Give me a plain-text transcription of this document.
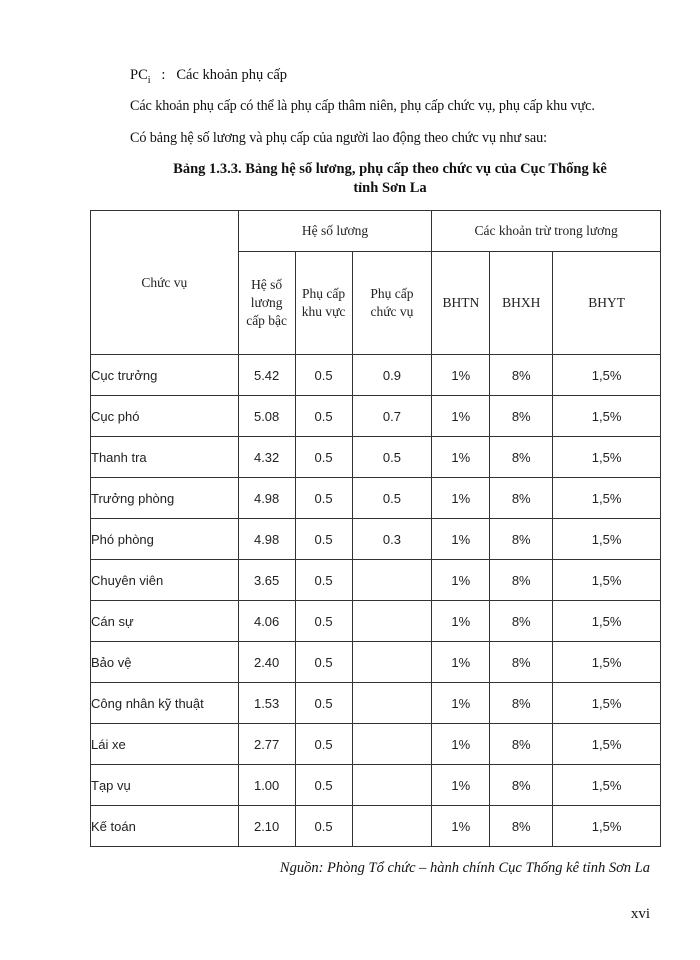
$PC_i$ : Các khoản phụ cấp
Các khoản phụ cấp có thể là phụ cấp thâm niên, phụ cấp chức vụ, phụ cấp khu vực.
Có bảng hệ số lương và phụ cấp của người lao động theo chức vụ như sau:
Bảng 1.3.3. Bảng hệ số lương, phụ cấp theo chức vụ của Cục Thống kê
tỉnh Sơn La
Chức vụ	Hệ số lương			Các khoản trừ trong lương		
	Hệ số lương cấp bậc	Phụ cấp khu vực	Phụ cấp chức vụ	BHTN	BHXH	BHYT
Cục trưởng	5.42	0.5	0.9	1%	8%	1,5%
Cục phó	5.08	0.5	0.7	1%	8%	1,5%
Thanh tra	4.32	0.5	0.5	1%	8%	1,5%
Trưởng phòng	4.98	0.5	0.5	1%	8%	1,5%
Phó phòng	4.98	0.5	0.3	1%	8%	1,5%
Chuyên viên	3.65	0.5		1%	8%	1,5%
Cán sự	4.06	0.5		1%	8%	1,5%
Bảo vệ	2.40	0.5		1%	8%	1,5%
Công nhân kỹ thuật	1.53	0.5		1%	8%	1,5%
Lái xe	2.77	0.5		1%	8%	1,5%
Tạp vụ	1.00	0.5		1%	8%	1,5%
Kế toán	2.10	0.5		1%	8%	1,5%
Nguồn: Phòng Tổ chức – hành chính Cục Thống kê tỉnh Sơn La
xvi
